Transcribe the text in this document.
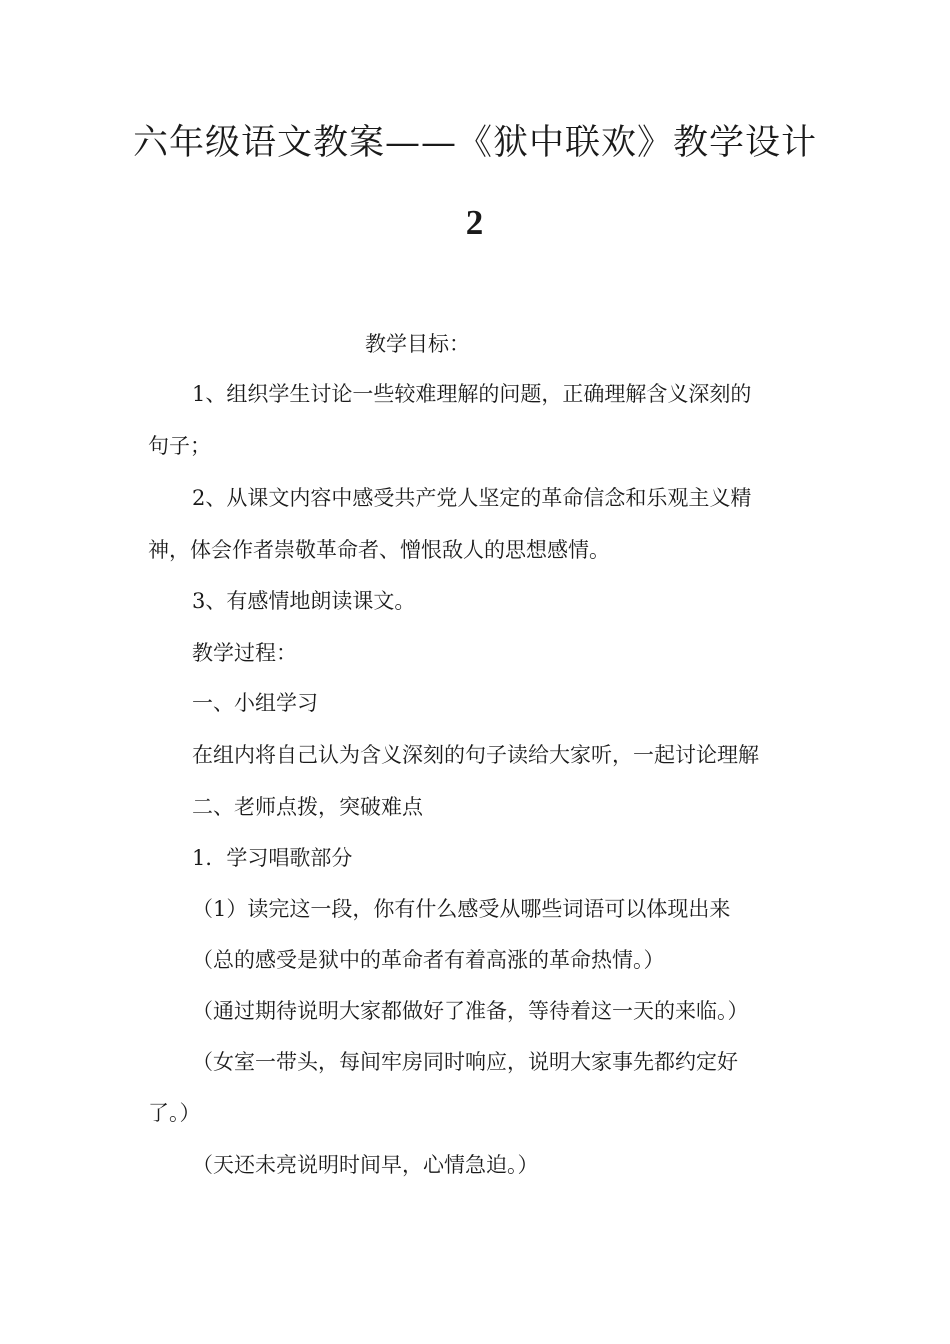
六年级语文教案——《狱中联欢》教学设计
2

教学目标：

1、组织学生讨论一些较难理解的问题，正确理解含义深刻的

句子；

2、从课文内容中感受共产党人坚定的革命信念和乐观主义精

神，体会作者崇敬革命者、憎恨敌人的思想感情。

3、有感情地朗读课文。

教学过程：

一、小组学习

在组内将自己认为含义深刻的句子读给大家听，一起讨论理解

二、老师点拨，突破难点

1．学习唱歌部分

（1）读完这一段，你有什么感受从哪些词语可以体现出来

（总的感受是狱中的革命者有着高涨的革命热情。）

（通过期待说明大家都做好了准备，等待着这一天的来临。）

（女室一带头，每间牢房同时响应，说明大家事先都约定好

了。）

（天还未亮说明时间早，心情急迫。）
